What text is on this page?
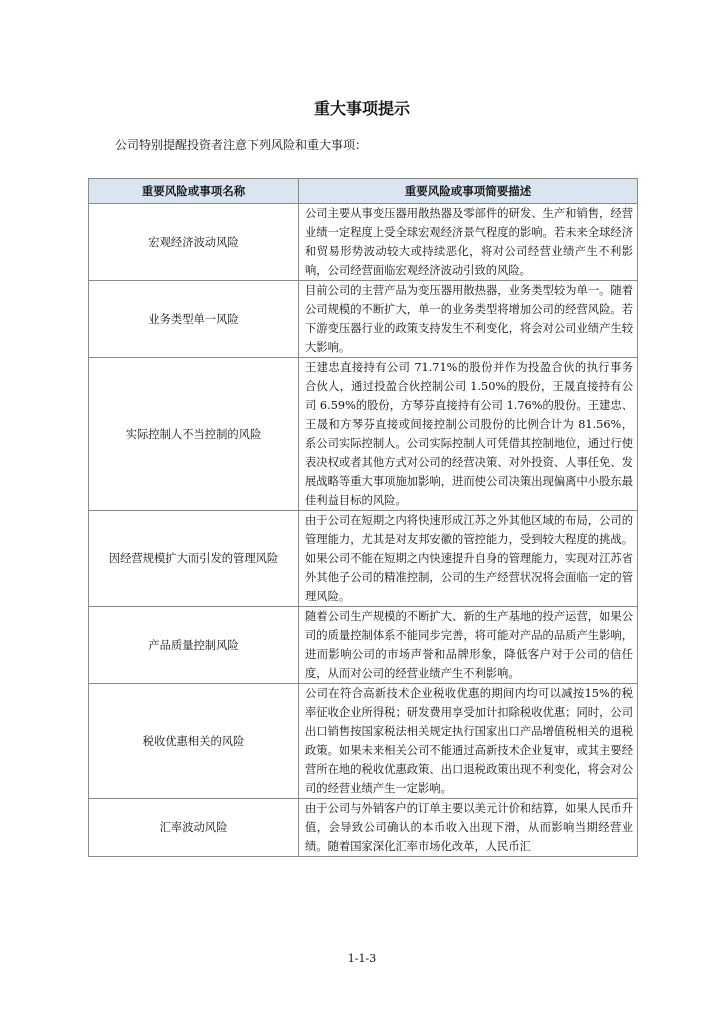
重大事项提示
公司特别提醒投资者注意下列风险和重大事项：
重要风险或事项名称	重要风险或事项简要描述
宏观经济波动风险	公司主要从事变压器用散热器及零部件的研发、生产和销售，经营业绩一定程度上受全球宏观经济景气程度的影响。若未来全球经济和贸易形势波动较大或持续恶化，将对公司经营业绩产生不利影响，公司经营面临宏观经济波动引致的风险。
业务类型单一风险	目前公司的主营产品为变压器用散热器，业务类型较为单一。随着公司规模的不断扩大，单一的业务类型将增加公司的经营风险。若下游变压器行业的政策支持发生不利变化，将会对公司业绩产生较大影响。
实际控制人不当控制的风险	王建忠直接持有公司 71.71%的股份并作为投盈合伙的执行事务合伙人，通过投盈合伙控制公司 1.50%的股份，王晟直接持有公司 6.59%的股份，方琴芬直接持有公司 1.76%的股份。王建忠、王晟和方琴芬直接或间接控制公司股份的比例合计为 81.56%，系公司实际控制人。公司实际控制人可凭借其控制地位，通过行使表决权或者其他方式对公司的经营决策、对外投资、人事任免、发展战略等重大事项施加影响，进而使公司决策出现偏离中小股东最佳利益目标的风险。
因经营规模扩大而引发的管理风险	由于公司在短期之内将快速形成江苏之外其他区域的布局，公司的管理能力，尤其是对友邦安徽的管控能力，受到较大程度的挑战。如果公司不能在短期之内快速提升自身的管理能力，实现对江苏省外其他子公司的精准控制，公司的生产经营状况将会面临一定的管理风险。
产品质量控制风险	随着公司生产规模的不断扩大、新的生产基地的投产运营，如果公司的质量控制体系不能同步完善，将可能对产品的品质产生影响，进而影响公司的市场声誉和品牌形象，降低客户对于公司的信任度，从而对公司的经营业绩产生不利影响。
税收优惠相关的风险	公司在符合高新技术企业税收优惠的期间内均可以减按15%的税率征收企业所得税；研发费用享受加计扣除税收优惠；同时，公司出口销售按国家税法相关规定执行国家出口产品增值税相关的退税政策。如果未来相关公司不能通过高新技术企业复审，或其主要经营所在地的税收优惠政策、出口退税政策出现不利变化，将会对公司的经营业绩产生一定影响。
汇率波动风险	由于公司与外销客户的订单主要以美元计价和结算，如果人民币升值，会导致公司确认的本币收入出现下滑，从而影响当期经营业绩。随着国家深化汇率市场化改革，人民币汇
1-1-3
